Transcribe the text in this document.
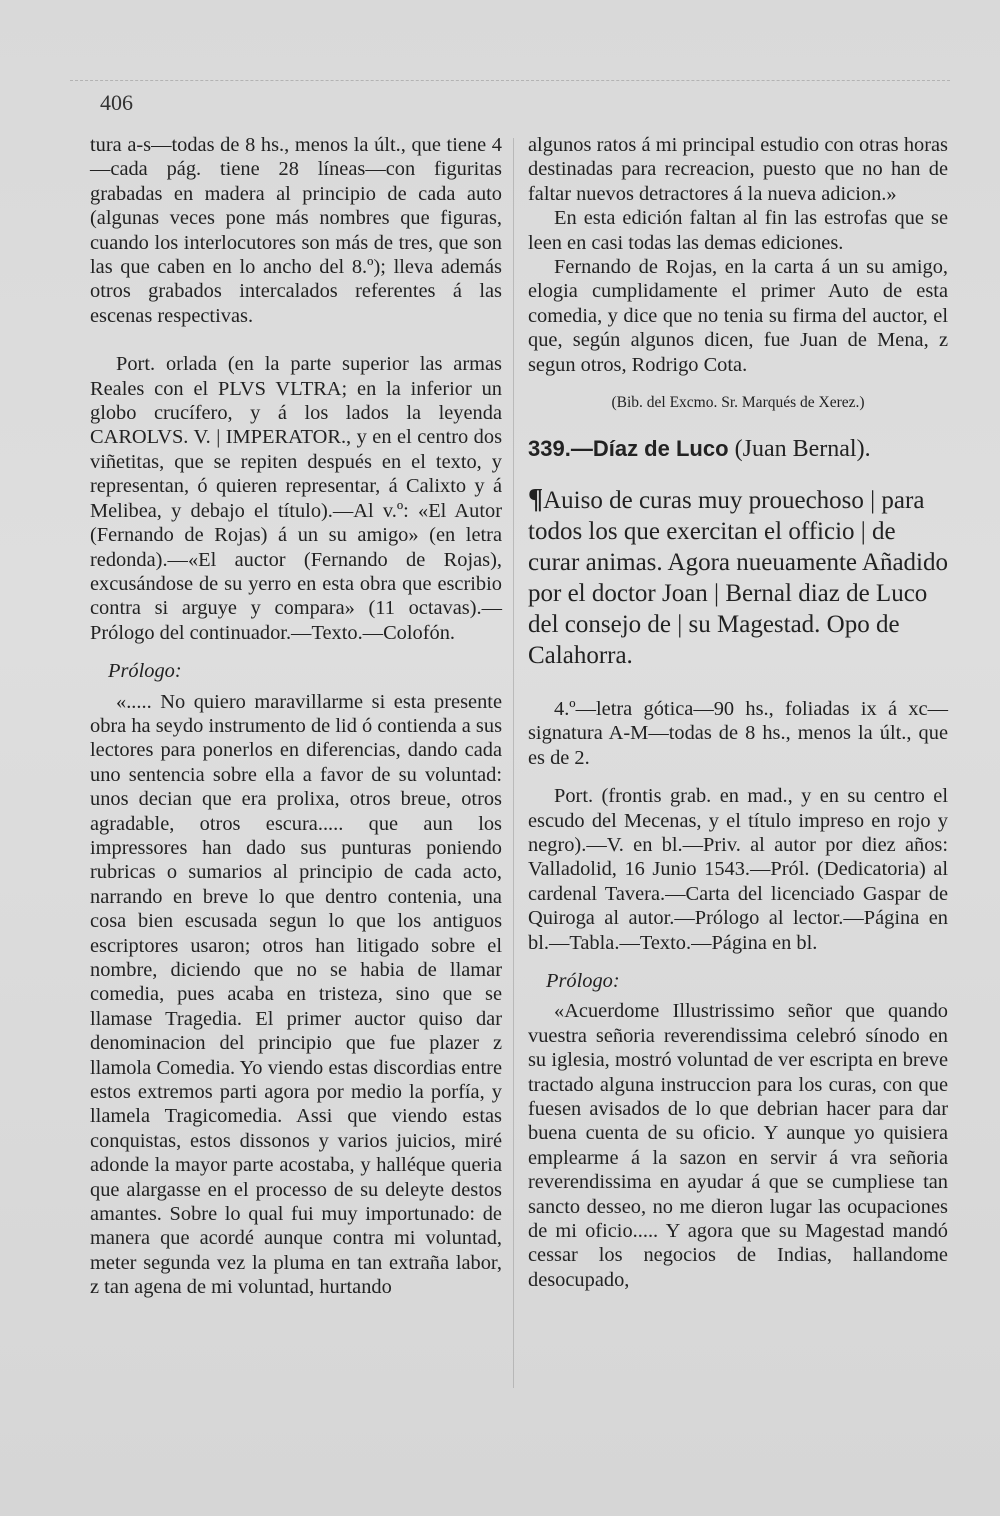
406

tura a-s—todas de 8 hs., menos la últ., que tiene 4—cada pág. tiene 28 líneas—con figuritas grabadas en madera al principio de cada auto (algunas veces pone más nombres que figuras, cuando los interlocutores son más de tres, que son las que caben en lo ancho del 8.º); lleva además otros grabados intercalados referentes á las escenas respectivas.

Port. orlada (en la parte superior las armas Reales con el PLVS VLTRA; en la inferior un globo crucífero, y á los lados la leyenda CAROLVS. V. | IMPERATOR., y en el centro dos viñetitas, que se repiten después en el texto, y representan, ó quieren representar, á Calixto y á Melibea, y debajo el título).—Al v.º: «El Autor (Fernando de Rojas) á un su amigo» (en letra redonda).—«El auctor (Fernando de Rojas), excusándose de su yerro en esta obra que escribio contra si arguye y compara» (11 octavas).—Prólogo del continuador.—Texto.—Colofón.

Prólogo:

«..... No quiero maravillarme si esta presente obra ha seydo instrumento de lid ó contienda a sus lectores para ponerlos en diferencias, dando cada uno sentencia sobre ella a favor de su voluntad: unos decian que era prolixa, otros breue, otros agradable, otros escura..... que aun los impressores han dado sus punturas poniendo rubricas o sumarios al principio de cada acto, narrando en breve lo que dentro contenia, una cosa bien escusada segun lo que los antiguos escriptores usaron; otros han litigado sobre el nombre, diciendo que no se habia de llamar comedia, pues acaba en tristeza, sino que se llamase Tragedia. El primer auctor quiso dar denominacion del principio que fue plazer z llamola Comedia. Yo viendo estas discordias entre estos extremos parti agora por medio la porfía, y llamela Tragicomedia. Assi que viendo estas conquistas, estos dissonos y varios juicios, miré adonde la mayor parte acostaba, y halléque queria que alargasse en el processo de su deleyte destos amantes. Sobre lo qual fui muy importunado: de manera que acordé aunque contra mi voluntad, meter segunda vez la pluma en tan extraña labor, z tan agena de mi voluntad, hurtando

algunos ratos á mi principal estudio con otras horas destinadas para recreacion, puesto que no han de faltar nuevos detractores á la nueva adicion.»

En esta edición faltan al fin las estrofas que se leen en casi todas las demas ediciones.

Fernando de Rojas, en la carta á un su amigo, elogia cumplidamente el primer Auto de esta comedia, y dice que no tenia su firma del auctor, el que, según algunos dicen, fue Juan de Mena, z segun otros, Rodrigo Cota.

(Bib. del Excmo. Sr. Marqués de Xerez.)

339.—Díaz de Luco (Juan Bernal).

¶Auiso de curas muy prouechoso | para todos los que exercitan el officio | de curar animas. Agora nueuamente Añadido por el doctor Joan | Bernal diaz de Luco del consejo de | su Magestad. Opo de Calahorra.

4.º—letra gótica—90 hs., foliadas ix á xc—signatura A-M—todas de 8 hs., menos la últ., que es de 2.

Port. (frontis grab. en mad., y en su centro el escudo del Mecenas, y el título impreso en rojo y negro).—V. en bl.—Priv. al autor por diez años: Valladolid, 16 Junio 1543.—Pról. (Dedicatoria) al cardenal Tavera.—Carta del licenciado Gaspar de Quiroga al autor.—Prólogo al lector.—Página en bl.—Tabla.—Texto.—Página en bl.

Prólogo:

«Acuerdome Illustrissimo señor que quando vuestra señoria reverendissima celebró sínodo en su iglesia, mostró voluntad de ver escripta en breve tractado alguna instruccion para los curas, con que fuesen avisados de lo que debrian hacer para dar buena cuenta de su oficio. Y aunque yo quisiera emplearme á la sazon en servir á vra señoria reverendissima en ayudar á que se cumpliese tan sancto desseo, no me dieron lugar las ocupaciones de mi oficio..... Y agora que su Magestad mandó cessar los negocios de Indias, hallandome desocupado,
